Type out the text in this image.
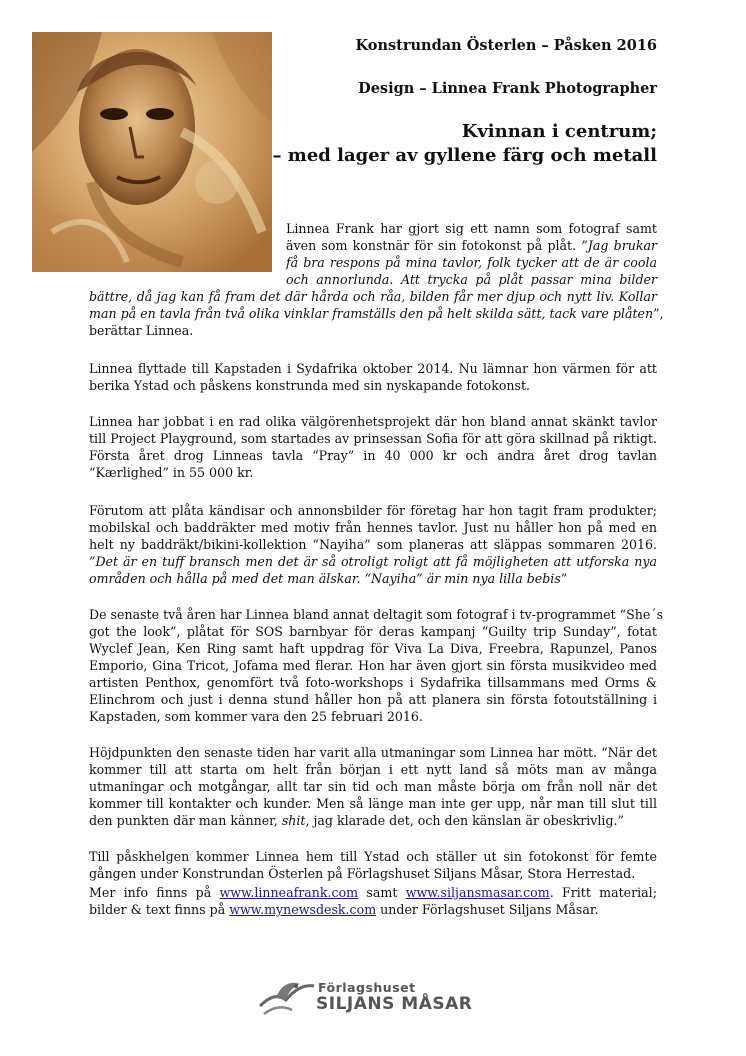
Konstrundan Österlen – Påsken 2016
Design – Linnea Frank Photographer
Kvinnan i centrum;
– med lager av gyllene färg och metall
Linnea Frank har gjort sig ett namn som fotograf samt
även som konstnär för sin fotokonst på plåt. ”Jag brukar
få bra respons på mina tavlor, folk tycker att de är coola
och annorlunda. Att trycka på plåt passar mina bilder
bättre, då jag kan få fram det där hårda och råa, bilden får mer djup och nytt liv. Kollar
man på en tavla från två olika vinklar framställs den på helt skilda sätt, tack vare plåten”,
berättar Linnea.
Linnea flyttade till Kapstaden i Sydafrika oktober 2014. Nu lämnar hon värmen för att
berika Ystad och påskens konstrunda med sin nyskapande fotokonst.
Linnea har jobbat i en rad olika välgörenhetsprojekt där hon bland annat skänkt tavlor
till Project Playground, som startades av prinsessan Sofia för att göra skillnad på riktigt.
Första året drog Linneas tavla “Pray” in 40 000 kr och andra året drog tavlan
“Kærlighed” in 55 000 kr.
Förutom att plåta kändisar och annonsbilder för företag har hon tagit fram produkter;
mobilskal och baddräkter med motiv från hennes tavlor. Just nu håller hon på med en
helt ny baddräkt/bikini-kollektion “Nayiha” som planeras att släppas sommaren 2016.
”Det är en tuff bransch men det är så otroligt roligt att få möjligheten att utforska nya
områden och hålla på med det man älskar. “Nayiha” är min nya lilla bebis”
De senaste två åren har Linnea bland annat deltagit som fotograf i tv-programmet “She´s
got the look”, plåtat för SOS barnbyar för deras kampanj “Guilty trip Sunday”, fotat
Wyclef Jean, Ken Ring samt haft uppdrag för Viva La Diva, Freebra, Rapunzel, Panos
Emporio, Gina Tricot, Jofama med flerar. Hon har även gjort sin första musikvideo med
artisten Penthox, genomfört två foto-workshops i Sydafrika tillsammans med Orms &
Elinchrom och just i denna stund håller hon på att planera sin första fotoutställning i
Kapstaden, som kommer vara den 25 februari 2016.
Höjdpunkten den senaste tiden har varit alla utmaningar som Linnea har mött. “När det
kommer till att starta om helt från början i ett nytt land så möts man av många
utmaningar och motgångar, allt tar sin tid och man måste börja om från noll när det
kommer till kontakter och kunder. Men så länge man inte ger upp, når man till slut till
den punkten där man känner, shit, jag klarade det, och den känslan är obeskrivlig.”
Till påskhelgen kommer Linnea hem till Ystad och ställer ut sin fotokonst för femte
gången under Konstrundan Österlen på Förlagshuset Siljans Måsar, Stora Herrestad.
Mer info finns på www.linneafrank.com samt www.siljansmasar.com. Fritt material;
bilder & text finns på www.mynewsdesk.com under Förlagshuset Siljans Måsar.
Förlagshuset
SILJANS MÅSAR
